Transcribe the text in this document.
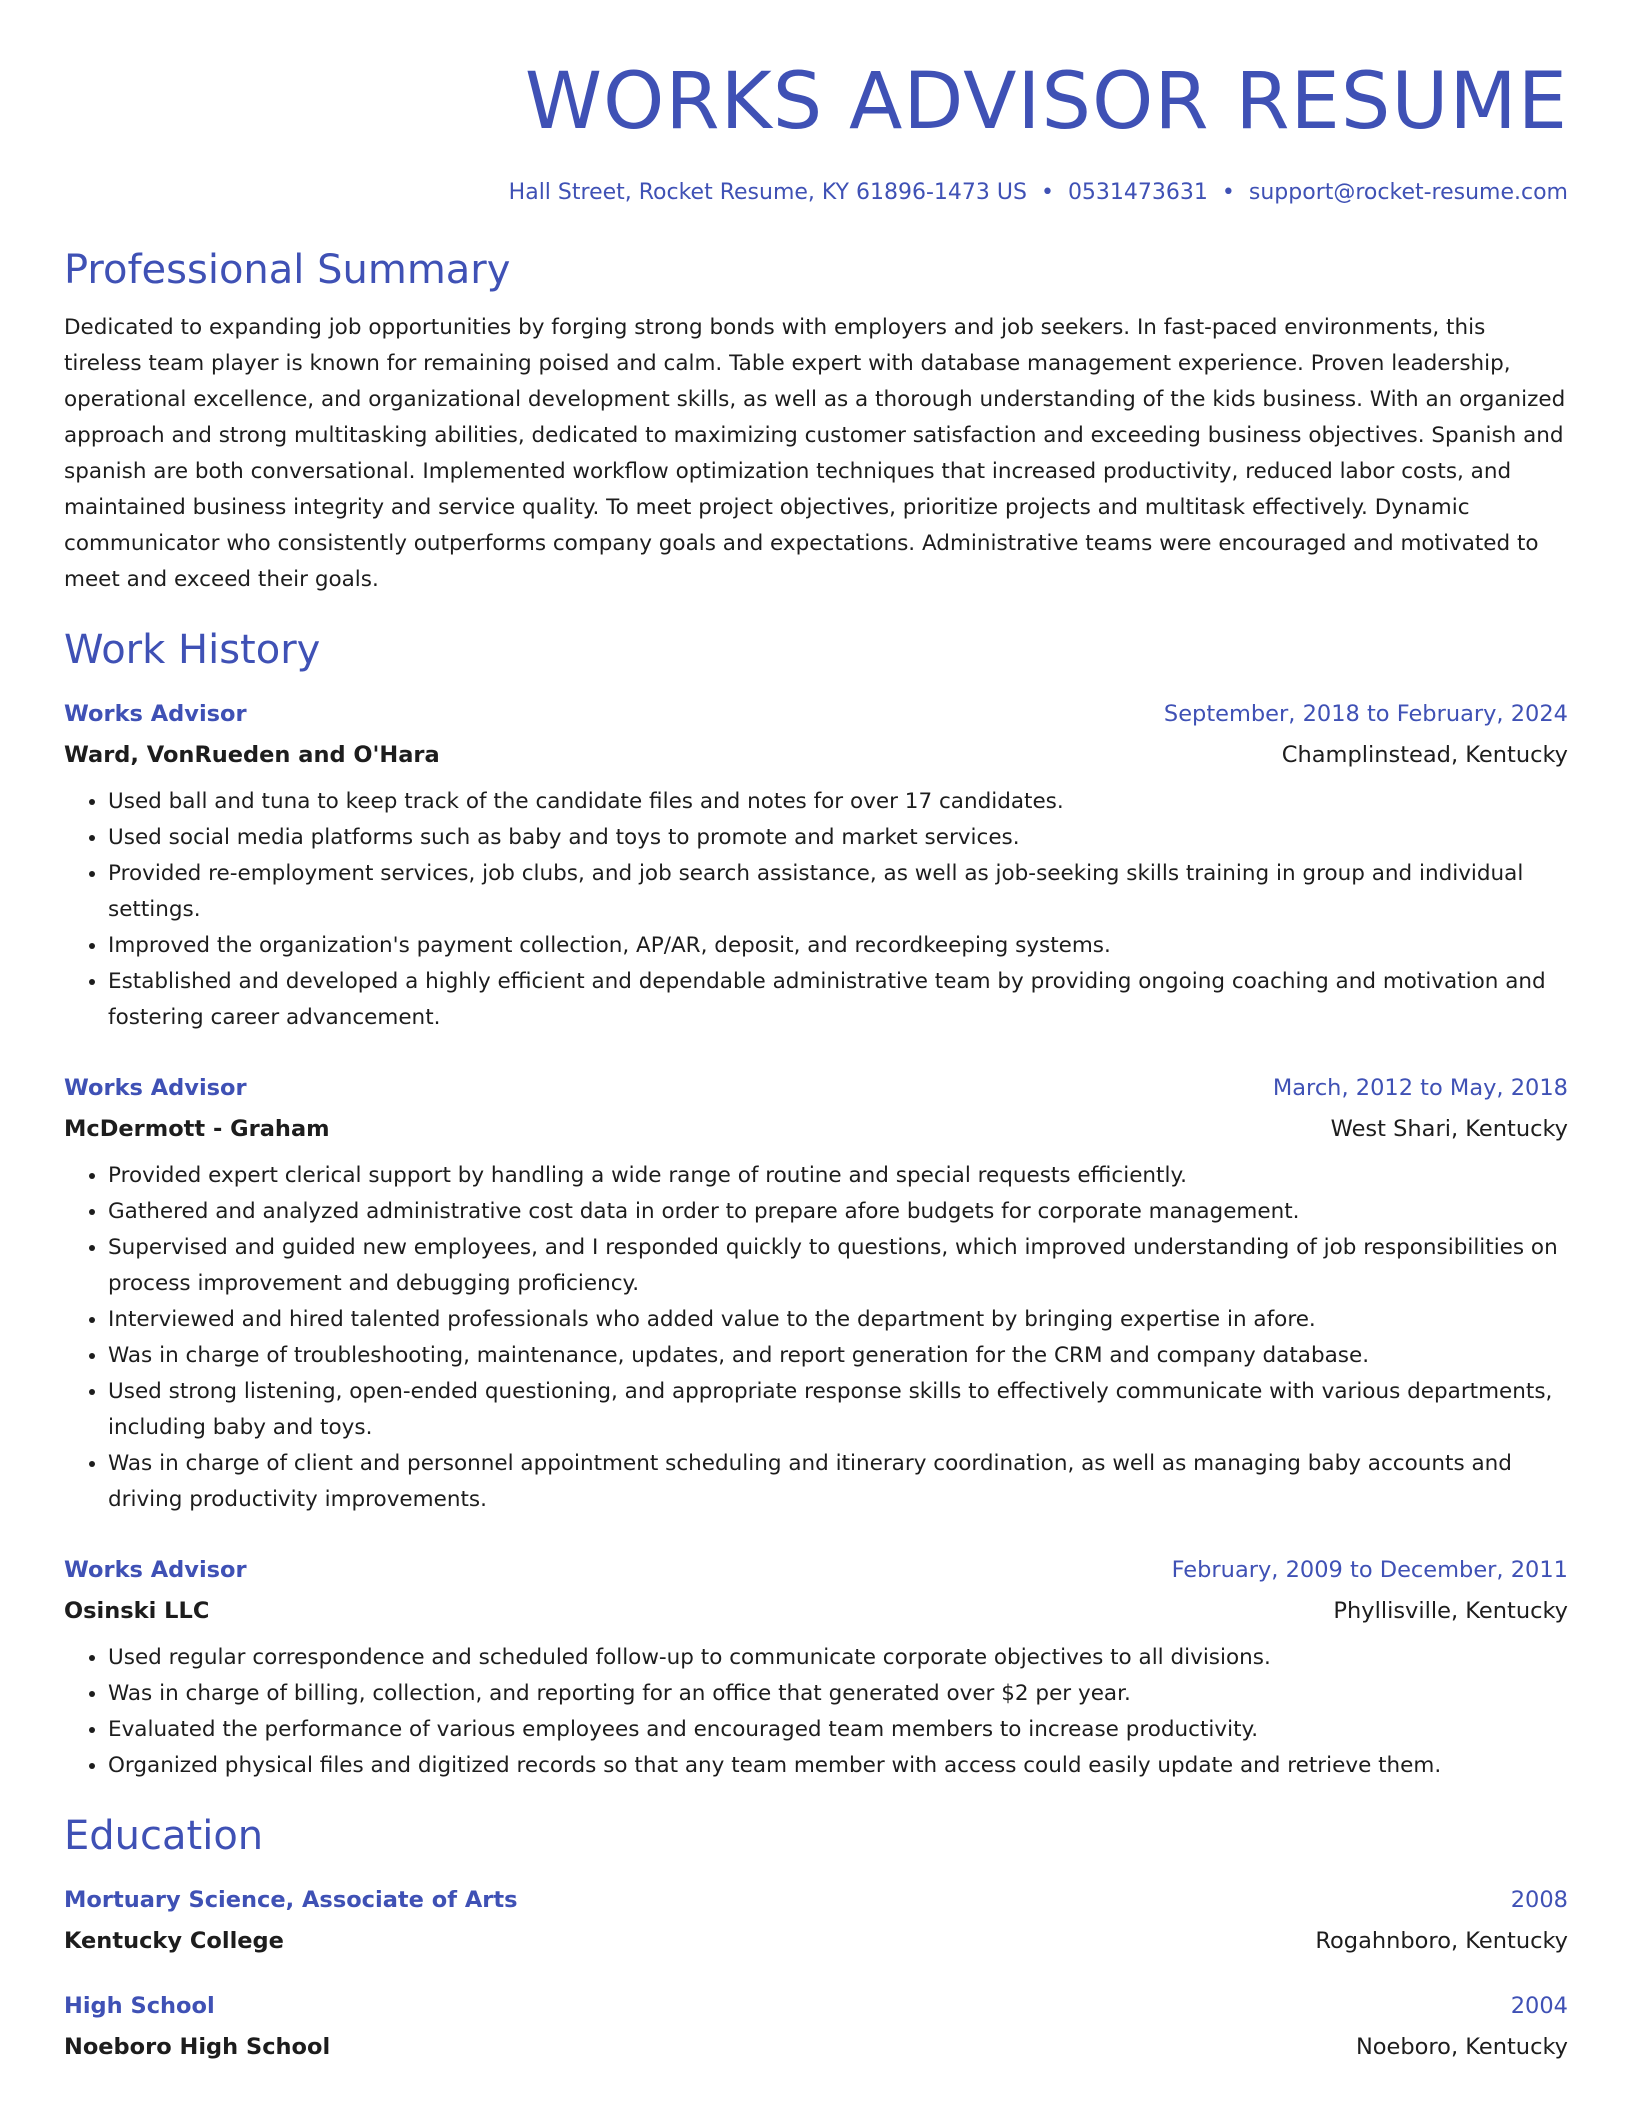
WORKS ADVISOR RESUME
Hall Street, Rocket Resume, KY 61896-1473 US • 0531473631 • support@rocket-resume.com
Professional Summary
Dedicated to expanding job opportunities by forging strong bonds with employers and job seekers. In fast-paced environments, this tireless team player is known for remaining poised and calm. Table expert with database management experience. Proven leadership, operational excellence, and organizational development skills, as well as a thorough understanding of the kids business. With an organized approach and strong multitasking abilities, dedicated to maximizing customer satisfaction and exceeding business objectives. Spanish and spanish are both conversational. Implemented workflow optimization techniques that increased productivity, reduced labor costs, and maintained business integrity and service quality. To meet project objectives, prioritize projects and multitask effectively. Dynamic communicator who consistently outperforms company goals and expectations. Administrative teams were encouraged and motivated to meet and exceed their goals.
Work History
Works Advisor	September, 2018 to February, 2024
Ward, VonRueden and O'Hara	Champlinstead, Kentucky
• Used ball and tuna to keep track of the candidate files and notes for over 17 candidates.
• Used social media platforms such as baby and toys to promote and market services.
• Provided re-employment services, job clubs, and job search assistance, as well as job-seeking skills training in group and individual settings.
• Improved the organization's payment collection, AP/AR, deposit, and recordkeeping systems.
• Established and developed a highly efficient and dependable administrative team by providing ongoing coaching and motivation and fostering career advancement.
Works Advisor	March, 2012 to May, 2018
McDermott - Graham	West Shari, Kentucky
• Provided expert clerical support by handling a wide range of routine and special requests efficiently.
• Gathered and analyzed administrative cost data in order to prepare afore budgets for corporate management.
• Supervised and guided new employees, and I responded quickly to questions, which improved understanding of job responsibilities on process improvement and debugging proficiency.
• Interviewed and hired talented professionals who added value to the department by bringing expertise in afore.
• Was in charge of troubleshooting, maintenance, updates, and report generation for the CRM and company database.
• Used strong listening, open-ended questioning, and appropriate response skills to effectively communicate with various departments, including baby and toys.
• Was in charge of client and personnel appointment scheduling and itinerary coordination, as well as managing baby accounts and driving productivity improvements.
Works Advisor	February, 2009 to December, 2011
Osinski LLC	Phyllisville, Kentucky
• Used regular correspondence and scheduled follow-up to communicate corporate objectives to all divisions.
• Was in charge of billing, collection, and reporting for an office that generated over $2 per year.
• Evaluated the performance of various employees and encouraged team members to increase productivity.
• Organized physical files and digitized records so that any team member with access could easily update and retrieve them.
Education
Mortuary Science, Associate of Arts	2008
Kentucky College	Rogahnboro, Kentucky
High School	2004
Noeboro High School	Noeboro, Kentucky
